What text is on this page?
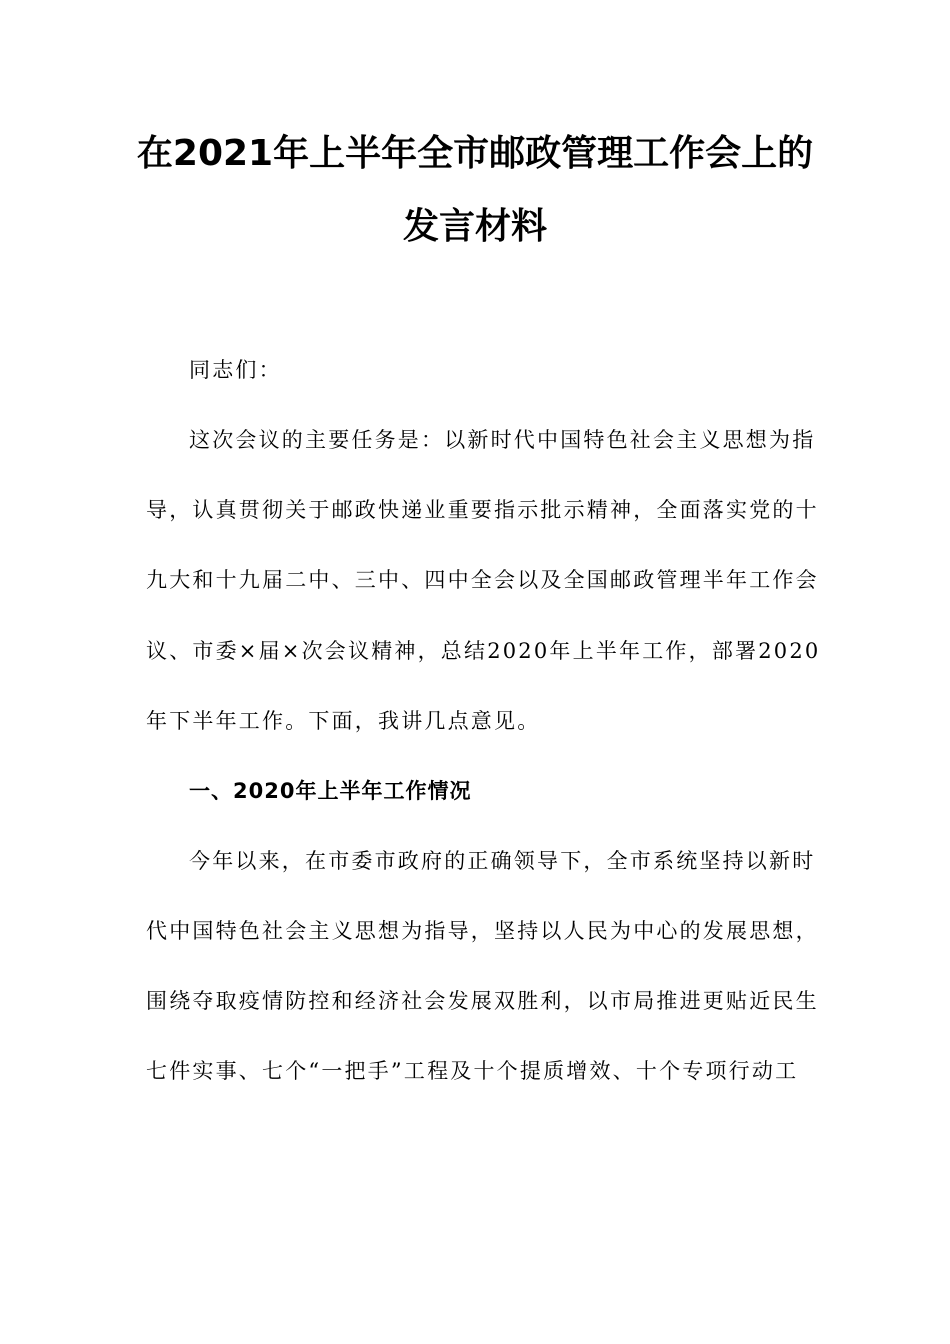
在2021年上半年全市邮政管理工作会上的
发言材料
同志们：
这次会议的主要任务是：以新时代中国特色社会主义思想为指
导，认真贯彻关于邮政快递业重要指示批示精神，全面落实党的十
九大和十九届二中、三中、四中全会以及全国邮政管理半年工作会
议、市委×届×次会议精神，总结2020年上半年工作，部署2020
年下半年工作。下面，我讲几点意见。
一、2020年上半年工作情况
今年以来，在市委市政府的正确领导下，全市系统坚持以新时
代中国特色社会主义思想为指导，坚持以人民为中心的发展思想，
围绕夺取疫情防控和经济社会发展双胜利，以市局推进更贴近民生
七件实事、七个“一把手”工程及十个提质增效、十个专项行动工
